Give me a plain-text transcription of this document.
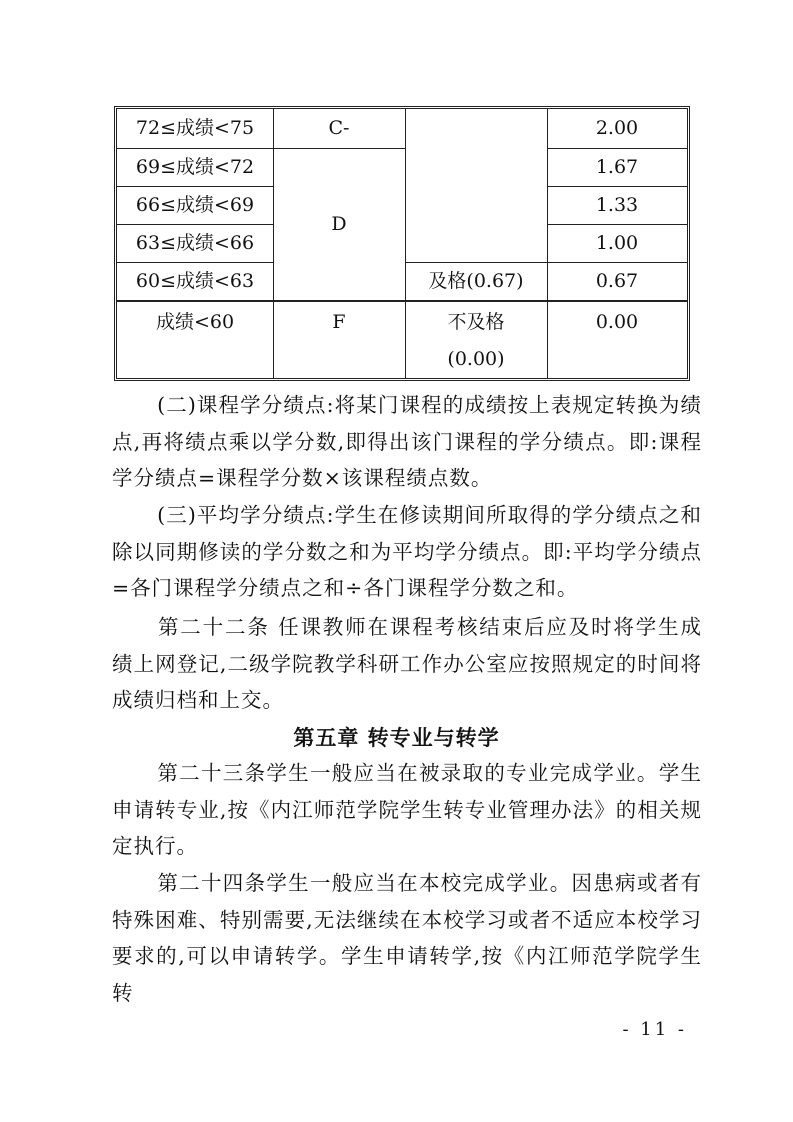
72≤成绩<75
69≤成绩<72
66≤成绩<69
63≤成绩<66
60≤成绩<63
C-
D
及格(0.67)
2.00
1.67
1.33
1.00
0.67
成绩<60	F	不及格
(0.00)
0.00

(二)课程学分绩点:将某门课程的成绩按上表规定转换为绩点,再将绩点乘以学分数,即得出该门课程的学分绩点。即:课程学分绩点=课程学分数×该课程绩点数。

(三)平均学分绩点:学生在修读期间所取得的学分绩点之和除以同期修读的学分数之和为平均学分绩点。即:平均学分绩点=各门课程学分绩点之和÷各门课程学分数之和。

第二十二条 任课教师在课程考核结束后应及时将学生成绩上网登记,二级学院教学科研工作办公室应按照规定的时间将成绩归档和上交。

第五章 转专业与转学

第二十三条学生一般应当在被录取的专业完成学业。学生申请转专业,按《内江师范学院学生转专业管理办法》的相关规定执行。

第二十四条学生一般应当在本校完成学业。因患病或者有特殊困难、特别需要,无法继续在本校学习或者不适应本校学习要求的,可以申请转学。学生申请转学,按《内江师范学院学生转

- 11 -
